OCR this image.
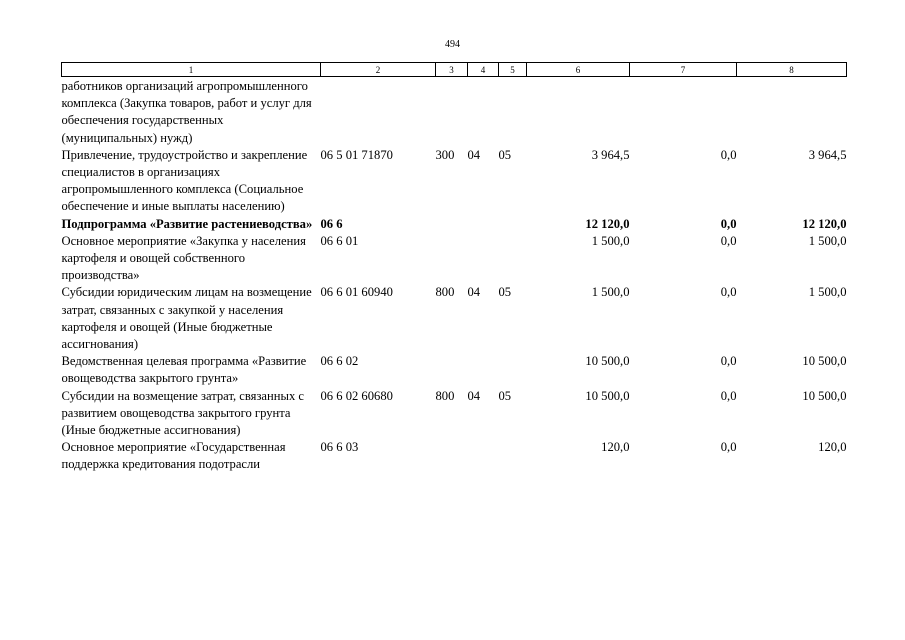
494
1	2	3	4	5	6	7	8
работников организаций агропромышленного комплекса (Закупка товаров, работ и услуг для обеспечения государственных (муниципальных) нужд)							
Привлечение, трудоустройство и закрепление специалистов в организациях агропромышленного комплекса (Социальное обеспечение и иные выплаты населению)	06 5 01 71870	300	04	05	3 964,5	0,0	3 964,5
Подпрограмма «Развитие растениеводства»	06 6				12 120,0	0,0	12 120,0
Основное мероприятие «Закупка у населения картофеля и овощей собственного производства»	06 6 01				1 500,0	0,0	1 500,0
Субсидии юридическим лицам на возмещение затрат, связанных с закупкой у населения картофеля и овощей (Иные бюджетные ассигнования)	06 6 01 60940	800	04	05	1 500,0	0,0	1 500,0
Ведомственная целевая программа «Развитие овощеводства закрытого грунта»	06 6 02				10 500,0	0,0	10 500,0
Субсидии на возмещение затрат, связанных с развитием овощеводства закрытого грунта (Иные бюджетные ассигнования)	06 6 02 60680	800	04	05	10 500,0	0,0	10 500,0
Основное мероприятие «Государственная поддержка кредитования подотрасли	06 6 03				120,0	0,0	120,0
